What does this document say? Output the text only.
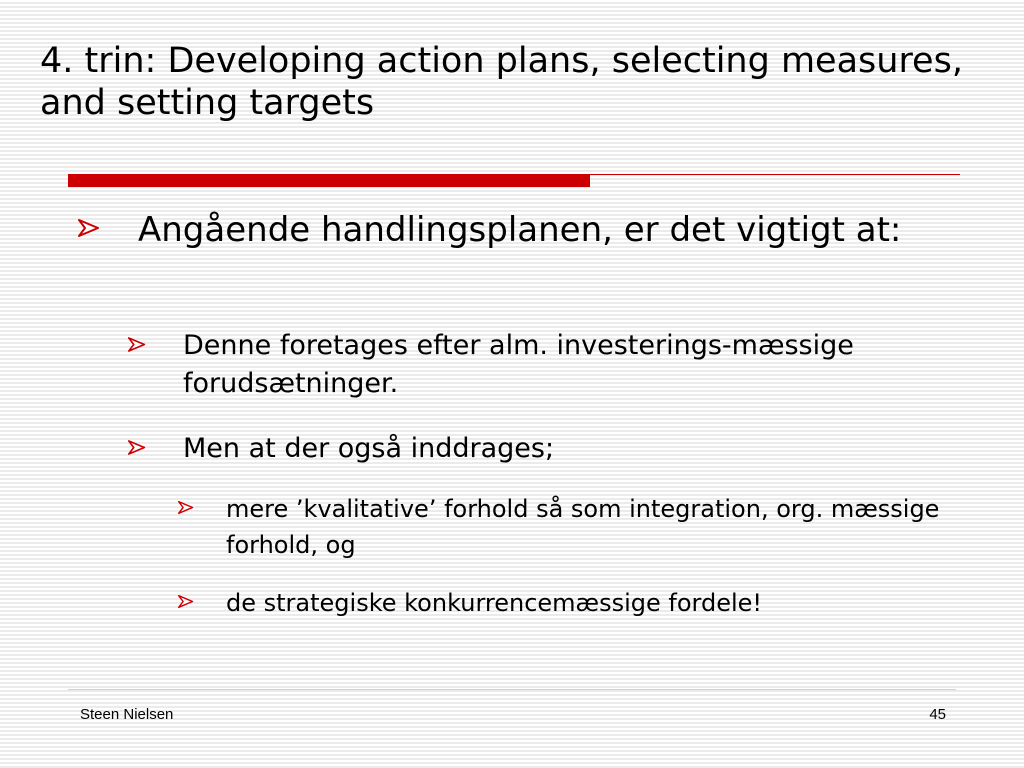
4. trin: Developing action plans, selecting measures, and setting targets
Angående handlingsplanen, er det vigtigt at:
Denne foretages efter alm. investerings-mæssige forudsætninger.
Men at der også inddrages;
mere ’kvalitative’ forhold så som integration, org. mæssige forhold, og
de strategiske konkurrencemæssige fordele!
Steen Nielsen	45
